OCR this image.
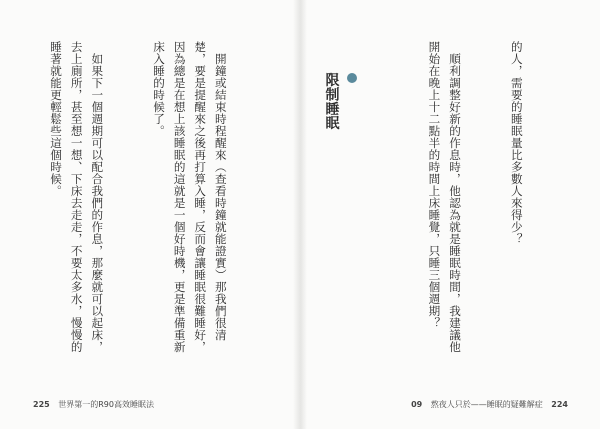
　開鐘或結束時程醒來（查看時鐘就能證實）那我們很清楚，要是提醒來之後再打算入睡，反而會讓睡眠很難睡好，因為總是在想上該睡眠的這就是一個好時機，更是準備重新床入睡的時候了。

　如果下一個週期可以配合我們的作息，那麼就可以起床，去上廁所，甚至想一想、下床去走走，不要太多水，慢慢的睡著就能更輕鬆些這個時候。

	的人，需要的睡眠量比多數人來得少？

　順利調整好新的作息時，他認為就是睡眠時間，我建議他開始在晚上十二點半的時間上床睡覺，只睡三個週期？

限制睡眠

225 世界第一的R90高效睡眠法	09 熬夜人只於——睡眠的疑難解症 224
